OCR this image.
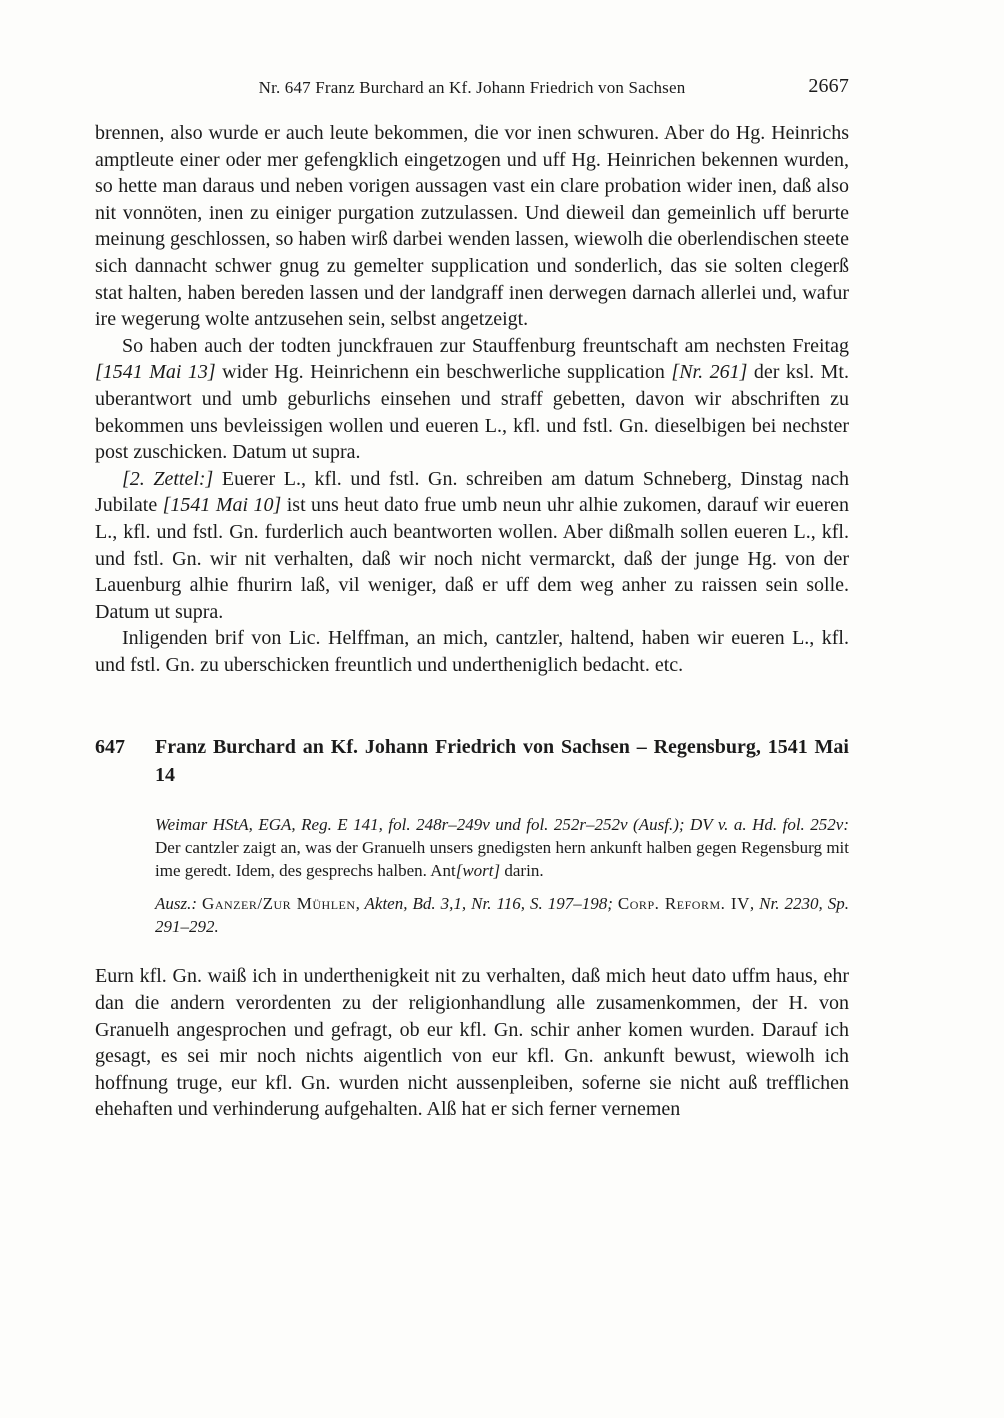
Nr. 647 Franz Burchard an Kf. Johann Friedrich von Sachsen	2667

brennen, also wurde er auch leute bekommen, die vor inen schwuren. Aber do Hg. Heinrichs amptleute einer oder mer gefengklich eingetzogen und uff Hg. Heinrichen bekennen wurden, so hette man daraus und neben vorigen aussagen vast ein clare probation wider inen, daß also nit vonnöten, inen zu einiger purgation zutzulassen. Und dieweil dan gemeinlich uff berurte meinung geschlossen, so haben wirß darbei wenden lassen, wiewolh die oberlendischen steete sich dannacht schwer gnug zu gemelter supplication und sonderlich, das sie solten clegerß stat halten, haben bereden lassen und der landgraff inen derwegen darnach allerlei und, wafur ire wegerung wolte antzusehen sein, selbst angetzeigt.

So haben auch der todten junckfrauen zur Stauffenburg freuntschaft am nechsten Freitag [1541 Mai 13] wider Hg. Heinrichenn ein beschwerliche supplication [Nr. 261] der ksl. Mt. uberantwort und umb geburlichs einsehen und straff gebetten, davon wir abschriften zu bekommen uns bevleissigen wollen und eueren L., kfl. und fstl. Gn. dieselbigen bei nechster post zuschicken. Datum ut supra.

[2. Zettel:] Euerer L., kfl. und fstl. Gn. schreiben am datum Schneberg, Dinstag nach Jubilate [1541 Mai 10] ist uns heut dato frue umb neun uhr alhie zukomen, darauf wir eueren L., kfl. und fstl. Gn. furderlich auch beantworten wollen. Aber dißmalh sollen eueren L., kfl. und fstl. Gn. wir nit verhalten, daß wir noch nicht vermarckt, daß der junge Hg. von der Lauenburg alhie fhurirn laß, vil weniger, daß er uff dem weg anher zu raissen sein solle. Datum ut supra.

Inligenden brif von Lic. Helffman, an mich, cantzler, haltend, haben wir eueren L., kfl. und fstl. Gn. zu uberschicken freuntlich und undertheniglich bedacht. etc.

647	Franz Burchard an Kf. Johann Friedrich von Sachsen – Regensburg, 1541 Mai 14

Weimar HStA, EGA, Reg. E 141, fol. 248r–249v und fol. 252r–252v (Ausf.); DV v. a. Hd. fol. 252v: Der cantzler zaigt an, was der Granuelh unsers gnedigsten hern ankunft halben gegen Regensburg mit ime geredt. Idem, des gesprechs halben. Ant[wort] darin.

Ausz.: Ganzer/Zur Mühlen, Akten, Bd. 3,1, Nr. 116, S. 197–198; Corp. Reform. IV, Nr. 2230, Sp. 291–292.

Eurn kfl. Gn. waiß ich in underthenigkeit nit zu verhalten, daß mich heut dato uffm haus, ehr dan die andern verordenten zu der religionhandlung alle zusamenkommen, der H. von Granuelh angesprochen und gefragt, ob eur kfl. Gn. schir anher komen wurden. Darauf ich gesagt, es sei mir noch nichts aigentlich von eur kfl. Gn. ankunft bewust, wiewolh ich hoffnung truge, eur kfl. Gn. wurden nicht aussenpleiben, soferne sie nicht auß trefflichen ehehaften und verhinderung aufgehalten. Alß hat er sich ferner vernemen
